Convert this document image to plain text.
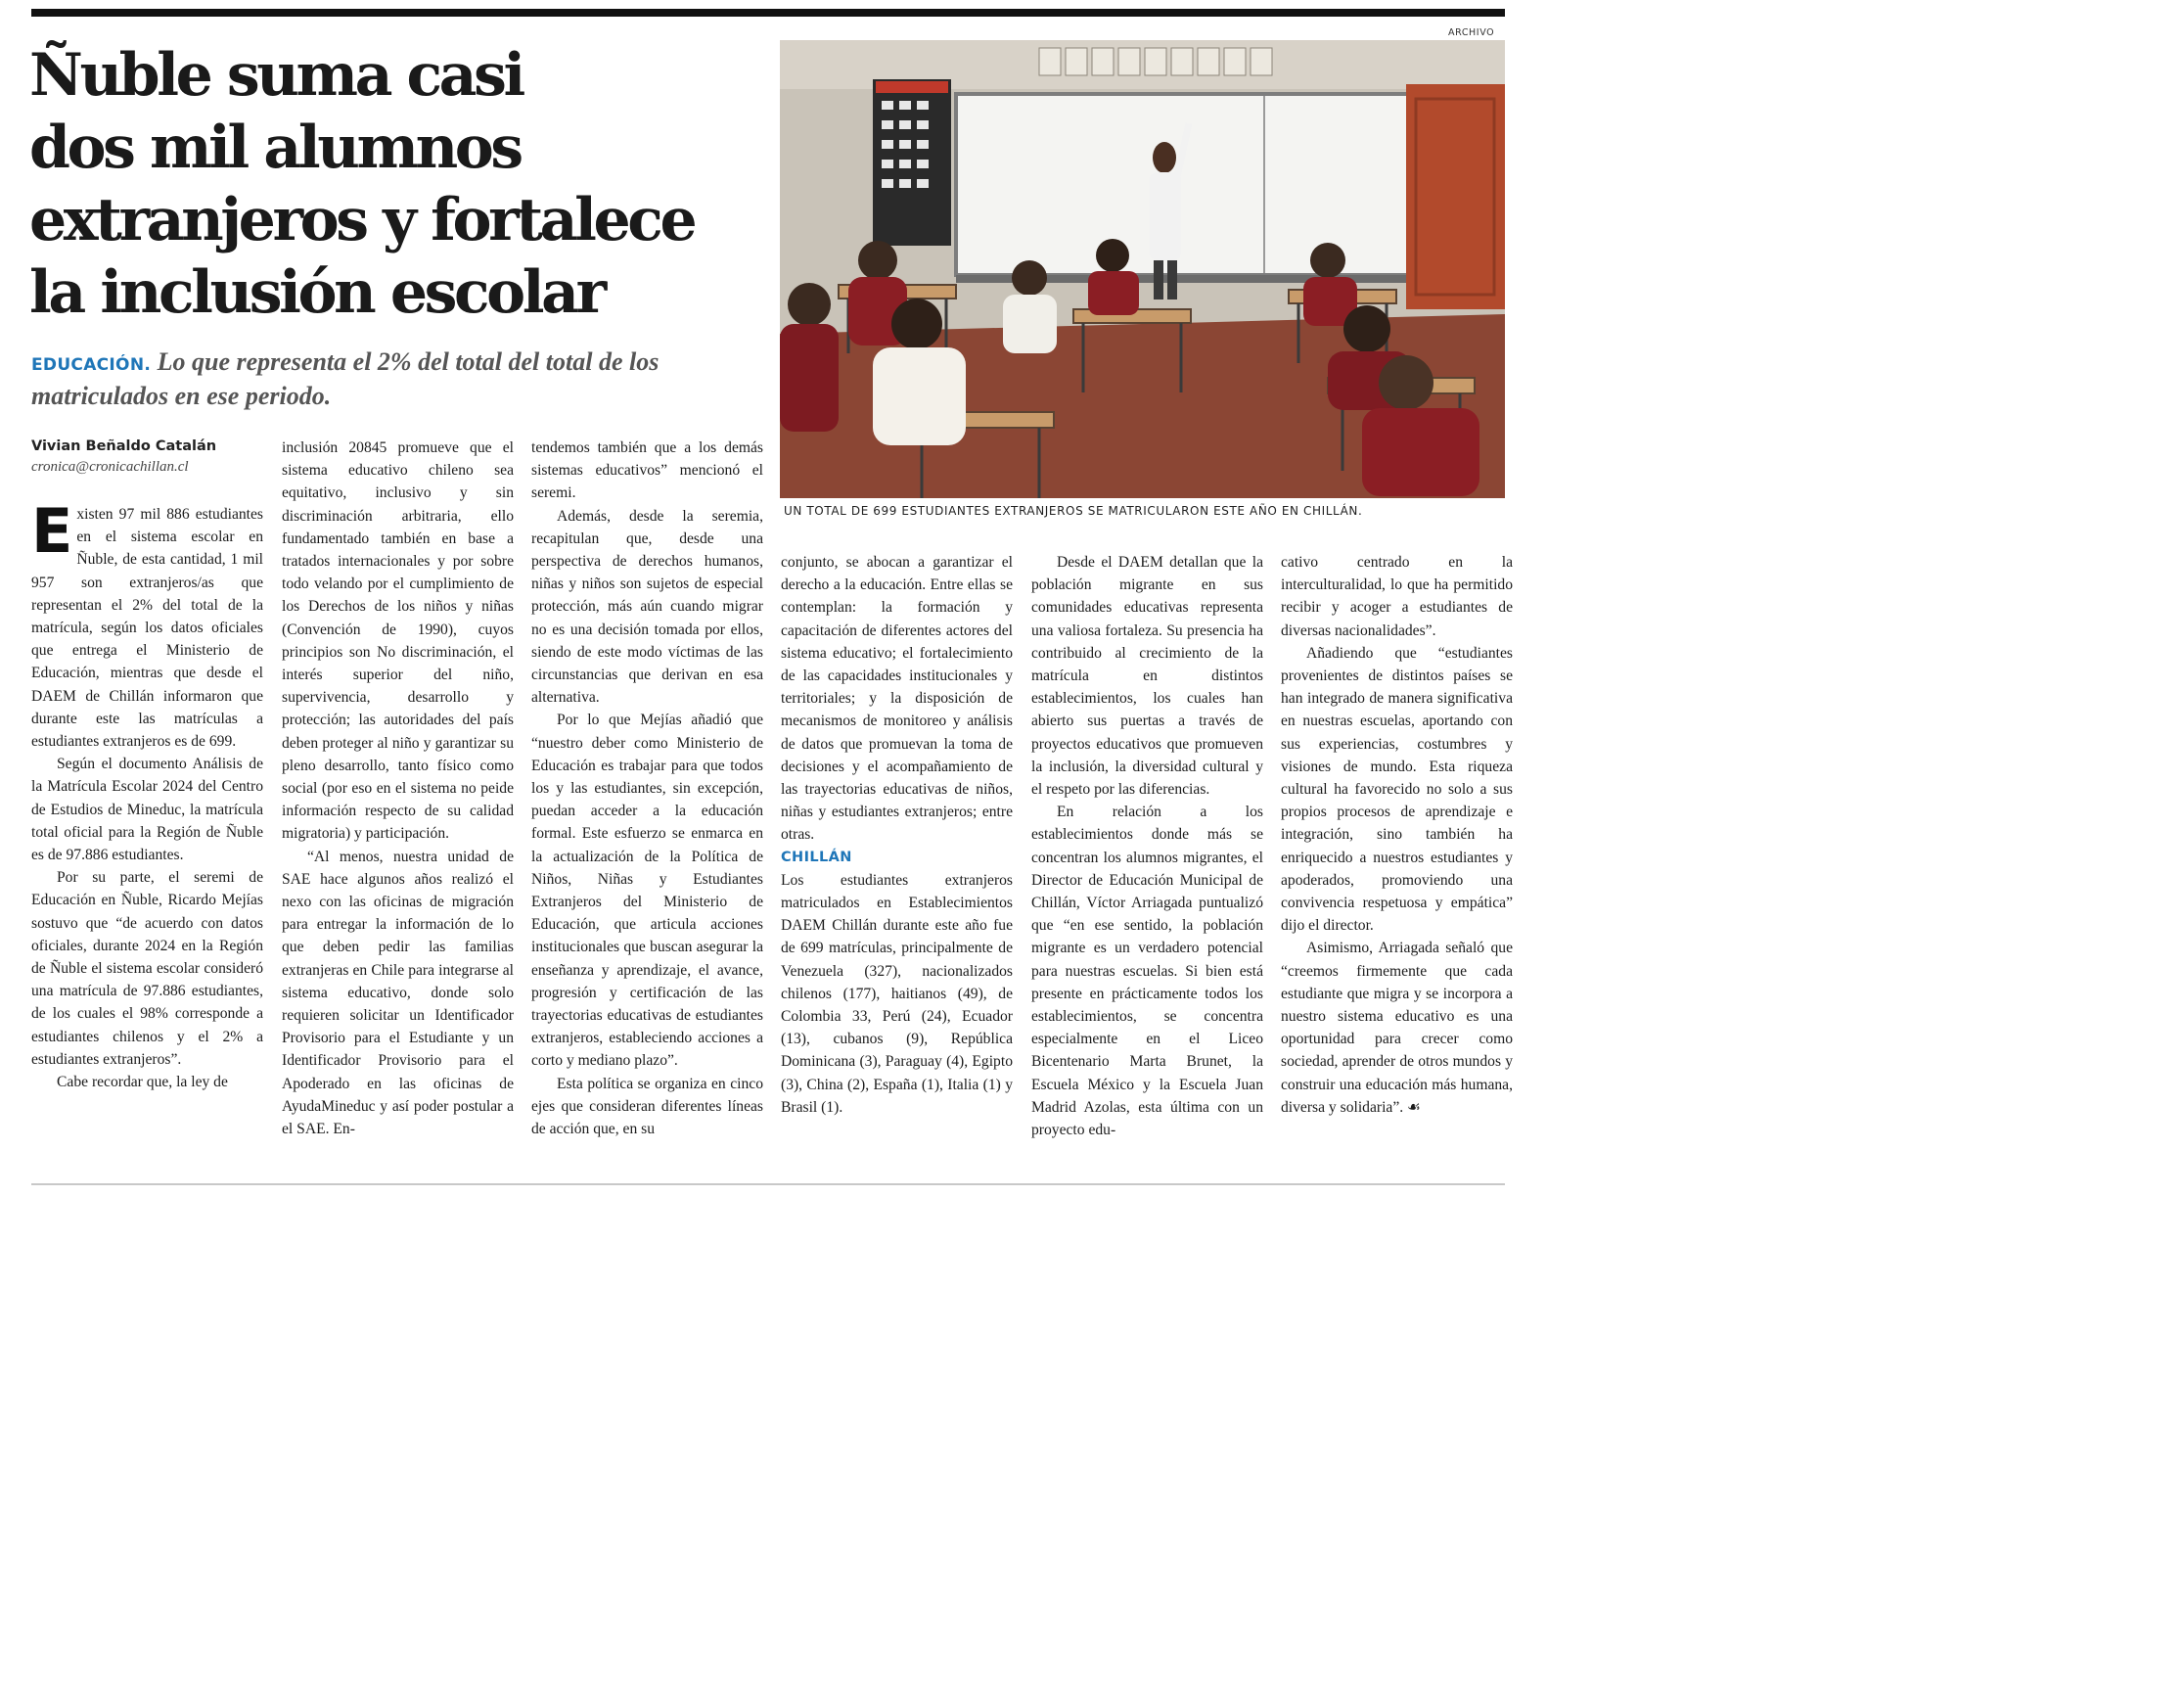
Ñuble suma casi
dos mil alumnos
extranjeros y fortalece
la inclusión escolar

EDUCACIÓN. Lo que representa el 2% del total del total de los matriculados en ese periodo.

Vivian Beñaldo Catalán

cronica@cronicachillan.cl

ARCHIVO
UN TOTAL DE 699 ESTUDIANTES EXTRANJEROS SE MATRICULARON ESTE AÑO EN CHILLÁN.

Existen 97 mil 886 estudiantes en el sistema escolar en Ñuble, de esta cantidad, 1 mil 957 son extranjeros/as que representan el 2% del total de la matrícula, según los datos oficiales que entrega el Ministerio de Educación, mientras que desde el DAEM de Chillán informaron que durante este las matrículas a estudiantes extranjeros es de 699.

Según el documento Análisis de la Matrícula Escolar 2024 del Centro de Estudios de Mineduc, la matrícula total oficial para la Región de Ñuble es de 97.886 estudiantes.

Por su parte, el seremi de Educación en Ñuble, Ricardo Mejías sostuvo que “de acuerdo con datos oficiales, durante 2024 en la Región de Ñuble el sistema escolar consideró una matrícula de 97.886 estudiantes, de los cuales el 98% corresponde a estudiantes chilenos y el 2% a estudiantes extranjeros”.

Cabe recordar que, la ley de

inclusión 20845 promueve que el sistema educativo chileno sea equitativo, inclusivo y sin discriminación arbitraria, ello fundamentado también en base a tratados internacionales y por sobre todo velando por el cumplimiento de los Derechos de los niños y niñas (Convención de 1990), cuyos principios son No discriminación, el interés superior del niño, supervivencia, desarrollo y protección; las autoridades del país deben proteger al niño y garantizar su pleno desarrollo, tanto físico como social (por eso en el sistema no peide información respecto de su calidad migratoria) y participación.

“Al menos, nuestra unidad de SAE hace algunos años realizó el nexo con las oficinas de migración para entregar la información de lo que deben pedir las familias extranjeras en Chile para integrarse al sistema educativo, donde solo requieren solicitar un Identificador Provisorio para el Estudiante y un Identificador Provisorio para el Apoderado en las oficinas de AyudaMineduc y así poder postular a el SAE. En-

tendemos también que a los demás sistemas educativos” mencionó el seremi.

Además, desde la seremia, recapitulan que, desde una perspectiva de derechos humanos, niñas y niños son sujetos de especial protección, más aún cuando migrar no es una decisión tomada por ellos, siendo de este modo víctimas de las circunstancias que derivan en esa alternativa.

Por lo que Mejías añadió que “nuestro deber como Ministerio de Educación es trabajar para que todos los y las estudiantes, sin excepción, puedan acceder a la educación formal. Este esfuerzo se enmarca en la actualización de la Política de Niños, Niñas y Estudiantes Extranjeros del Ministerio de Educación, que articula acciones institucionales que buscan asegurar la enseñanza y aprendizaje, el avance, progresión y certificación de las trayectorias educativas de estudiantes extranjeros, estableciendo acciones a corto y mediano plazo”.

Esta política se organiza en cinco ejes que consideran diferentes líneas de acción que, en su

conjunto, se abocan a garantizar el derecho a la educación. Entre ellas se contemplan: la formación y capacitación de diferentes actores del sistema educativo; el fortalecimiento de las capacidades institucionales y territoriales; y la disposición de mecanismos de monitoreo y análisis de datos que promuevan la toma de decisiones y el acompañamiento de las trayectorias educativas de niños, niñas y estudiantes extranjeros; entre otras.

CHILLÁN

Los estudiantes extranjeros matriculados en Establecimientos DAEM Chillán durante este año fue de 699 matrículas, principalmente de Venezuela (327), nacionalizados chilenos (177), haitianos (49), de Colombia 33, Perú (24), Ecuador (13), cubanos (9), República Dominicana (3), Paraguay (4), Egipto (3), China (2), España (1), Italia (1) y Brasil (1).

Desde el DAEM detallan que la población migrante en sus comunidades educativas representa una valiosa fortaleza. Su presencia ha contribuido al crecimiento de la matrícula en distintos establecimientos, los cuales han abierto sus puertas a través de proyectos educativos que promueven la inclusión, la diversidad cultural y el respeto por las diferencias.

En relación a los establecimientos donde más se concentran los alumnos migrantes, el Director de Educación Municipal de Chillán, Víctor Arriagada puntualizó que “en ese sentido, la población migrante es un verdadero potencial para nuestras escuelas. Si bien está presente en prácticamente todos los establecimientos, se concentra especialmente en el Liceo Bicentenario Marta Brunet, la Escuela México y la Escuela Juan Madrid Azolas, esta última con un proyecto edu-

cativo centrado en la interculturalidad, lo que ha permitido recibir y acoger a estudiantes de diversas nacionalidades”.

Añadiendo que “estudiantes provenientes de distintos países se han integrado de manera significativa en nuestras escuelas, aportando con sus experiencias, costumbres y visiones de mundo. Esta riqueza cultural ha favorecido no solo a sus propios procesos de aprendizaje e integración, sino también ha enriquecido a nuestros estudiantes y apoderados, promoviendo una convivencia respetuosa y empática” dijo el director.

Asimismo, Arriagada señaló que “creemos firmemente que cada estudiante que migra y se incorpora a nuestro sistema educativo es una oportunidad para crecer como sociedad, aprender de otros mundos y construir una educación más humana, diversa y solidaria”. ☙
